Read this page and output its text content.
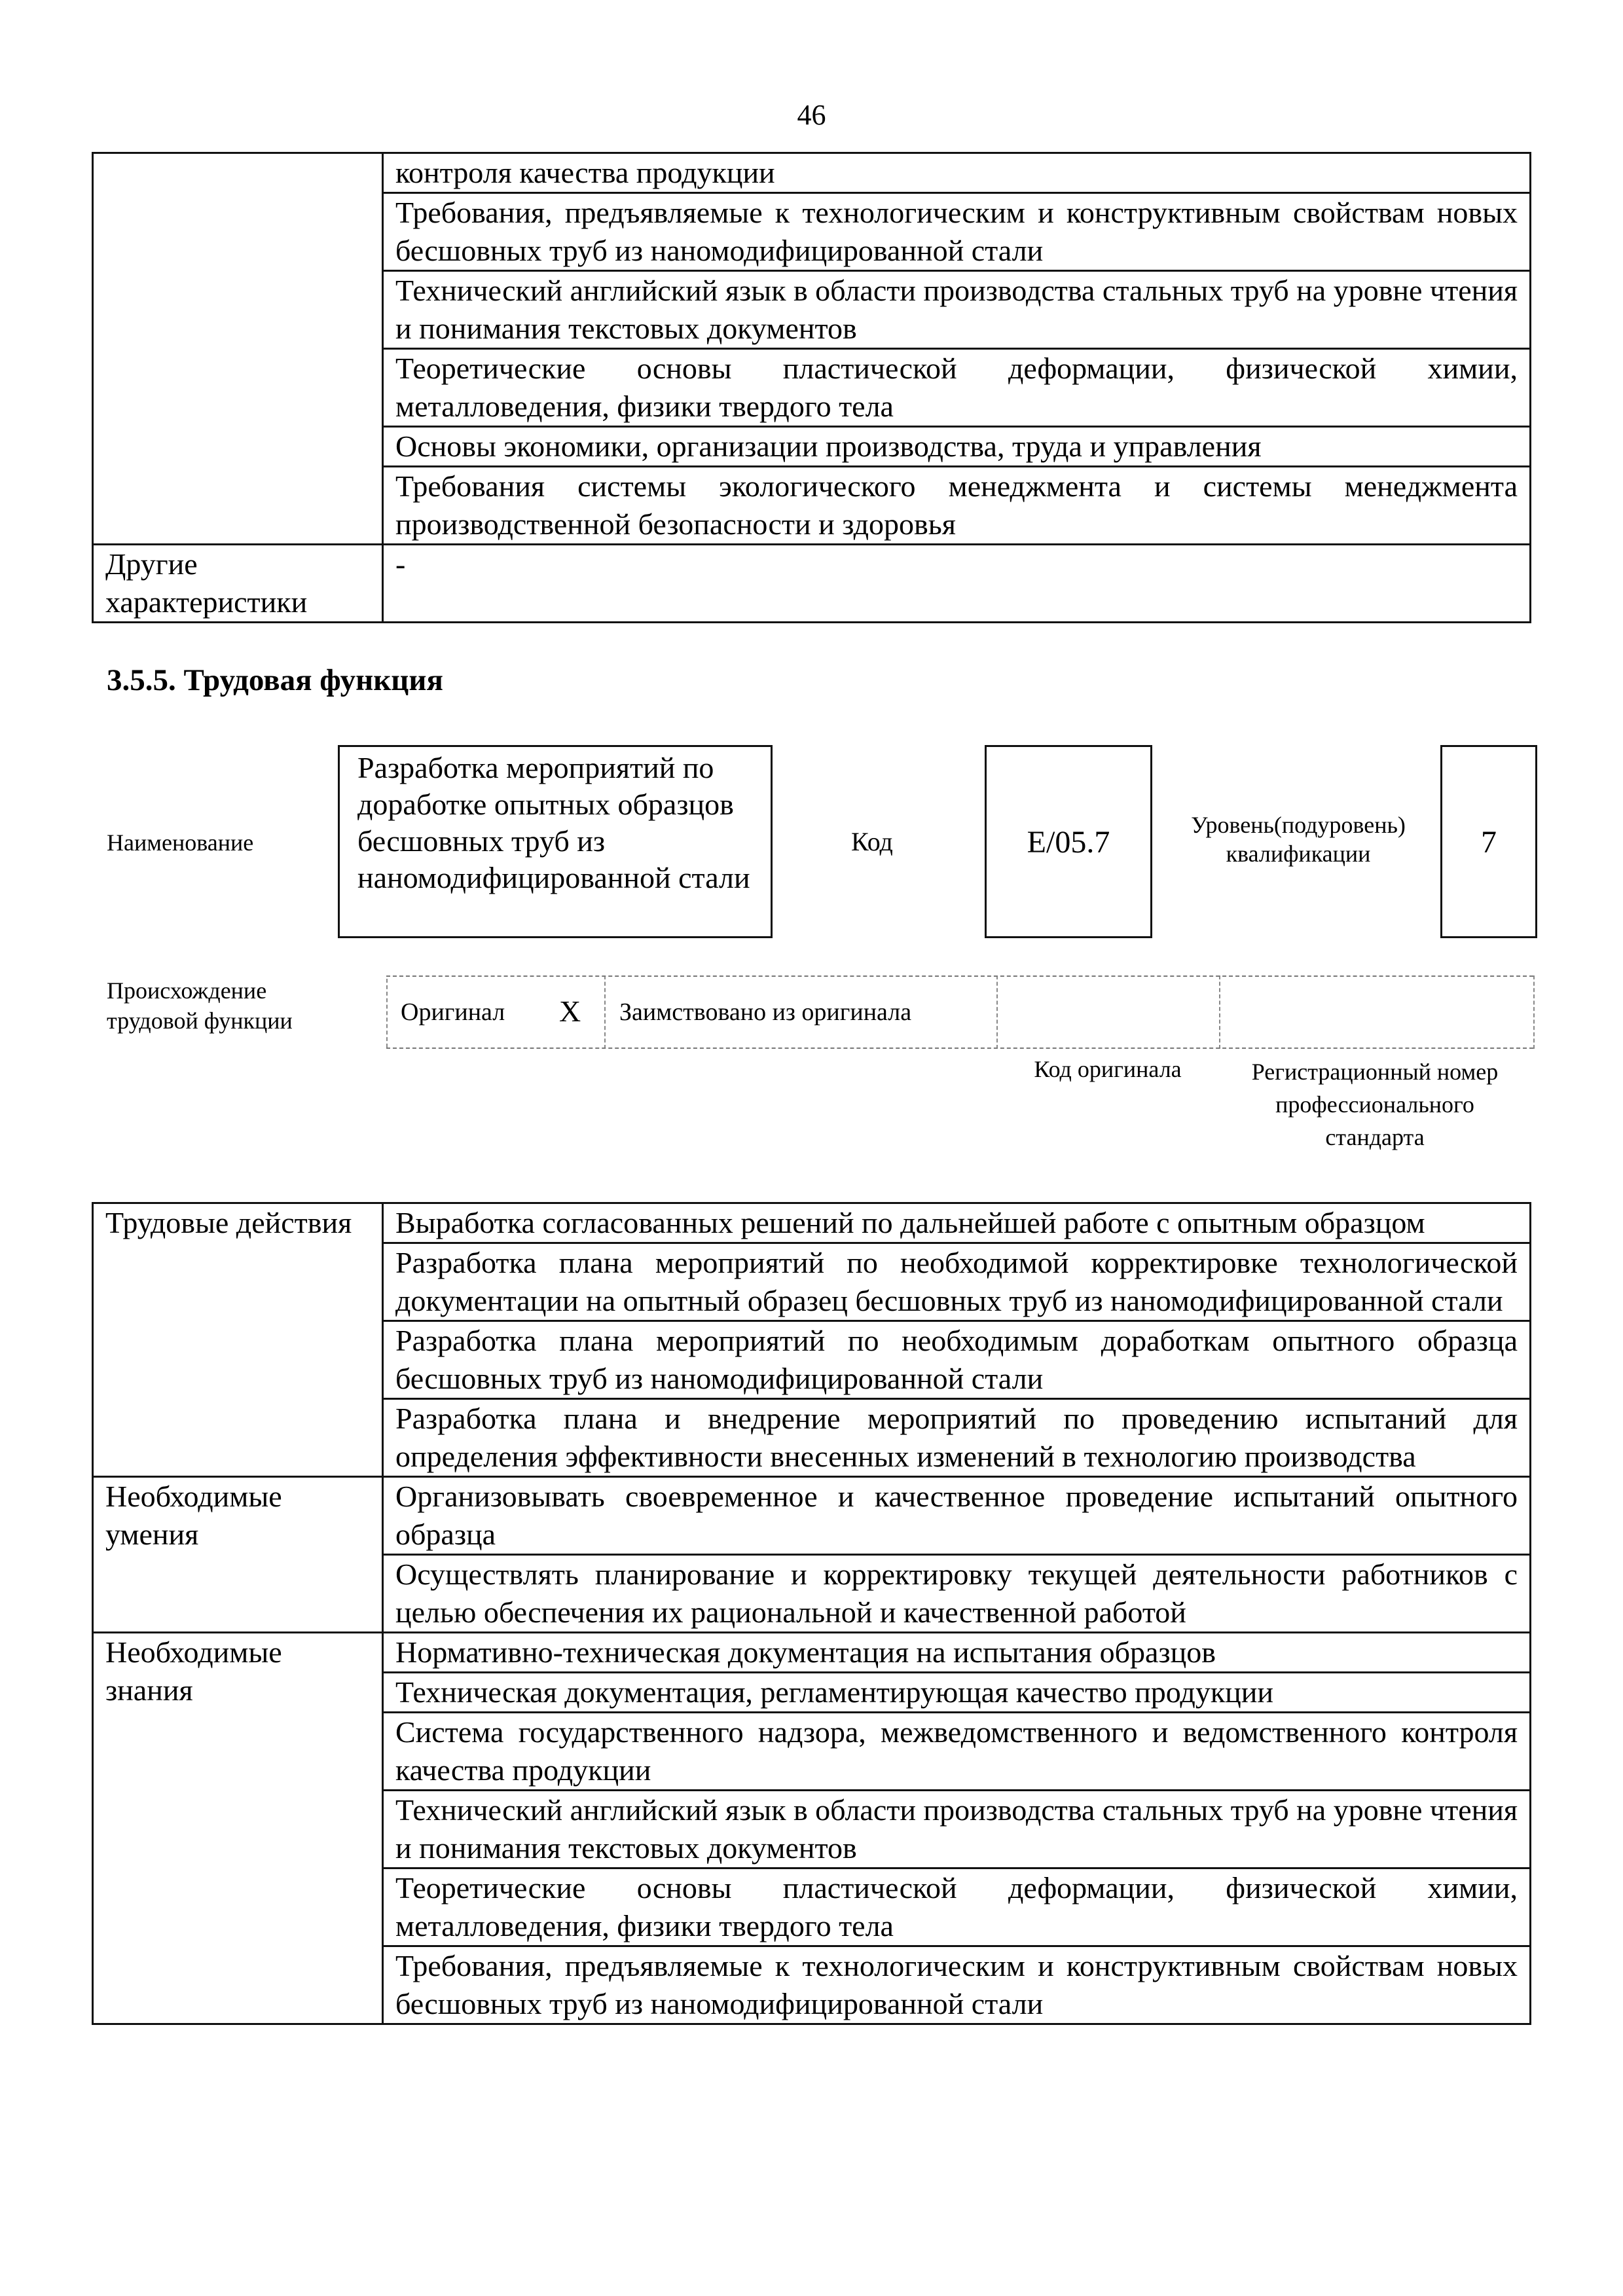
46
	контроля качества продукции
	Требования, предъявляемые к технологическим и конструктивным свойствам новых бесшовных труб из наномодифицированной стали
	Технический английский язык в области производства стальных труб на уровне чтения и понимания текстовых документов
	Теоретические основы пластической деформации, физической химии, металловедения, физики твердого тела
	Основы экономики, организации производства, труда и управления
	Требования системы экологического менеджмента и системы менеджмента производственной безопасности и здоровья
Другие характеристики	-
3.5.5. Трудовая функция
Наименование
Разработка мероприятий по доработке опытных образцов бесшовных труб из наномодифицированной стали
Код	E/05.7	Уровень(подуровень) квалификации	7
Происхождение трудовой функции	Оригинал X Заимствовано из оригинала
Код оригинала	Регистрационный номер профессионального стандарта
Трудовые действия	Выработка согласованных решений по дальнейшей работе с опытным образцом
	Разработка плана мероприятий по необходимой корректировке технологической документации на опытный образец бесшовных труб из наномодифицированной стали
	Разработка плана мероприятий по необходимым доработкам опытного образца бесшовных труб из наномодифицированной стали
	Разработка плана и внедрение мероприятий по проведению испытаний для определения эффективности внесенных изменений в технологию производства
Необходимые умения	Организовывать своевременное и качественное проведение испытаний опытного образца
	Осуществлять планирование и корректировку текущей деятельности работников с целью обеспечения их рациональной и качественной работой
Необходимые знания	Нормативно-техническая документация на испытания образцов
	Техническая документация, регламентирующая качество продукции
	Система государственного надзора, межведомственного и ведомственного контроля качества продукции
	Технический английский язык в области производства стальных труб на уровне чтения и понимания текстовых документов
	Теоретические основы пластической деформации, физической химии, металловедения, физики твердого тела
	Требования, предъявляемые к технологическим и конструктивным свойствам новых бесшовных труб из наномодифицированной стали
